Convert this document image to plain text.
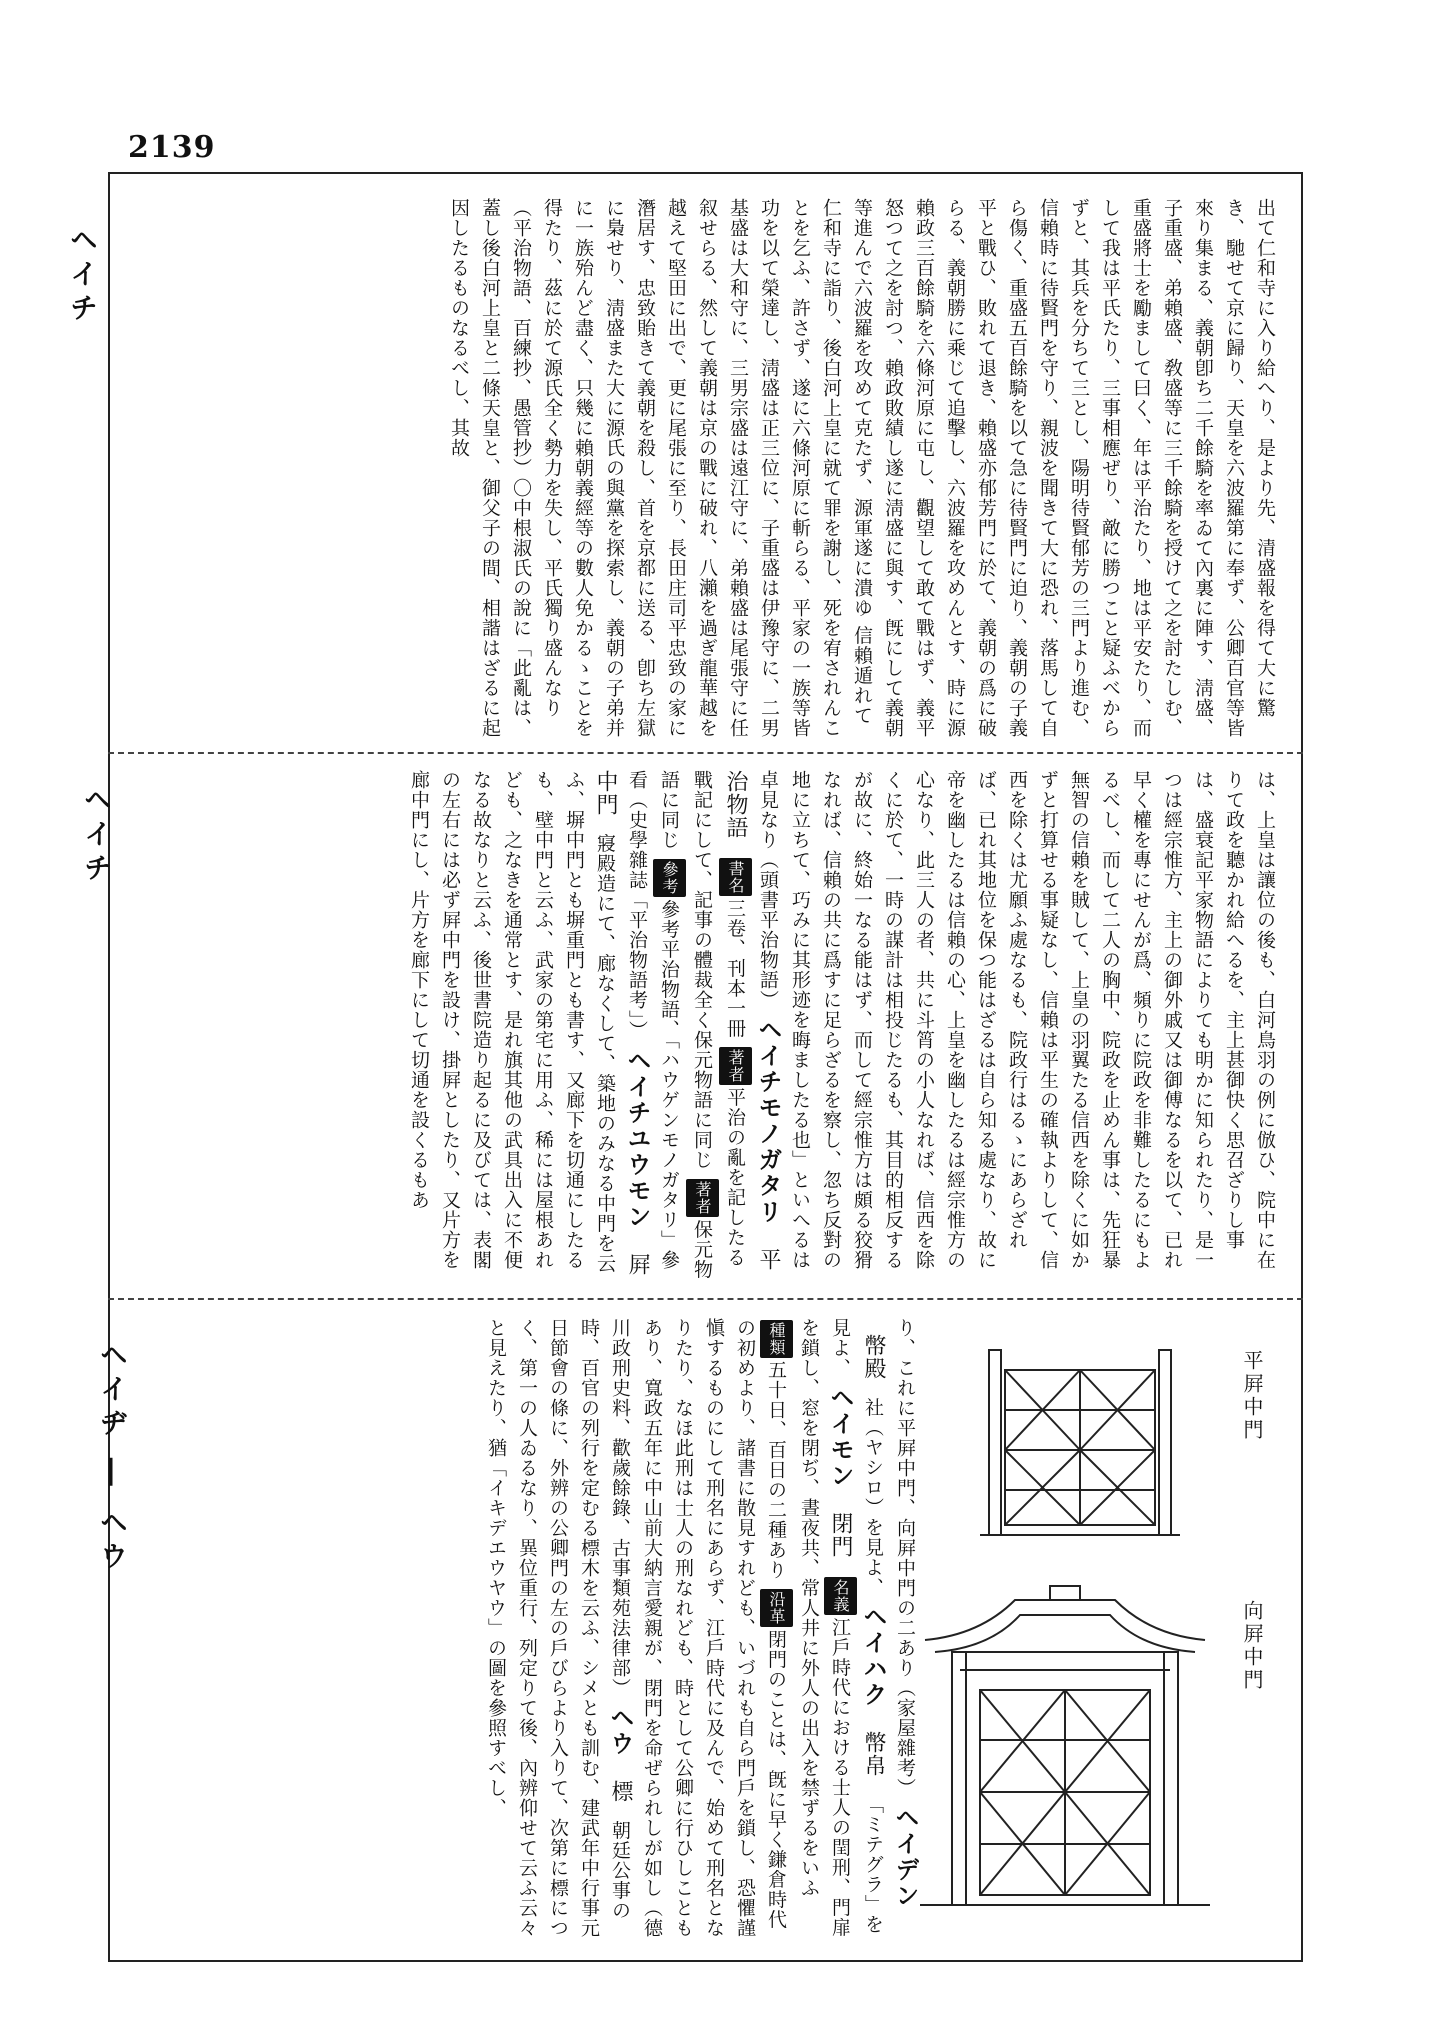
2139
ヘイチ
ヘイチ
ヘイヂ ― ヘウ
出て仁和寺に入り給へり、是より先、清盛報を得て大に驚き、馳せて京に歸り、天皇を六波羅第に奉ず、公卿百官等皆來り集まる、義朝卽ち二千餘騎を率ゐて內裏に陣す、淸盛、子重盛、弟賴盛、敎盛等に三千餘騎を授けて之を討たしむ、重盛將士を勵まして曰く、年は平治たり、地は平安たり、而して我は平氏たり、三事相應ぜり、敵に勝つこと疑ふべからずと、其兵を分ちて三とし、陽明待賢郁芳の三門より進む、信賴時に待賢門を守り、親波を聞きて大に恐れ、落馬して自ら傷く、重盛五百餘騎を以て急に待賢門に迫り、義朝の子義平と戰ひ、敗れて退き、賴盛亦郁芳門に於て、義朝の爲に破らる、義朝勝に乘じて追擊し、六波羅を攻めんとす、時に源賴政三百餘騎を六條河原に屯し、觀望して敢て戰はず、義平怒つて之を討つ、賴政敗績し遂に淸盛に與す、旣にして義朝等進んで六波羅を攻めて克たず、源軍遂に潰ゆ 信賴遁れて仁和寺に詣り、後白河上皇に就て罪を謝し、死を宥されんことを乞ふ、許さず、遂に六條河原に斬らる、平家の一族等皆功を以て榮達し、淸盛は正三位に、子重盛は伊豫守に、二男基盛は大和守に、三男宗盛は遠江守に、弟賴盛は尾張守に任叙せらる、然して義朝は京の戰に破れ、八瀨を過ぎ龍華越を越えて堅田に出で、更に尾張に至り、長田庄司平忠致の家に潛居す、忠致貽きて義朝を殺し、首を京都に送る、卽ち左獄に梟せり、淸盛また大に源氏の與黨を探索し、義朝の子弟并に一族殆んど盡く、只幾に賴朝義經等の數人免かるゝことを得たり、茲に於て源氏全く勢力を失し、平氏獨り盛んなり（平治物語、百練抄、愚管抄）〇中根淑氏の說に「此亂は、蓋し後白河上皇と二條天皇と、御父子の間、相諧はざるに起因したるものなるべし、其故
は、上皇は讓位の後も、白河鳥羽の例に倣ひ、院中に在りて政を聽かれ給へるを、主上甚御快く思召ざりし事は、盛衰記平家物語によりても明かに知られたり、是一つは經宗惟方、主上の御外戚又は御傅なるを以て、已れ早く權を專にせんが爲、頻りに院政を非難したるにもよるべし、而して二人の胸中、院政を止めん事は、先狂暴無智の信賴を賊して、上皇の羽翼たる信西を除くに如かずと打算せる事疑なし、信賴は平生の確執よりして、信西を除くは尤願ふ處なるも、院政行はるゝにあらざれば、已れ其地位を保つ能はざるは自ら知る處なり、故に帝を幽したるは信賴の心、上皇を幽したるは經宗惟方の心なり、此三人の者、共に斗筲の小人なれば、信西を除くに於て、一時の謀計は相投じたるも、其目的相反するが故に、終始一なる能はず、而して經宗惟方は頗る狡猾なれば、信賴の共に爲すに足らざるを察し、忽ち反對の地に立ちて、巧みに其形迹を晦ましたる也」といへるは卓見なり（頭書平治物語） ヘイチモノガタリ 平治物語 書名三卷、刊本一冊 著者平治の亂を記したる戰記にして、記事の體裁全く保元物語に同じ 著者保元物語に同じ 參考參考平治物語、「ハウゲンモノガタリ」參看（史學雜誌「平治物語考」） ヘイチユウモン 屛中門 寢殿造にて、廊なくして、築地のみなる中門を云ふ、塀中門とも塀重門とも書す、又廊下を切通にしたるも、壁中門と云ふ、武家の第宅に用ふ、稀には屋根あれども、之なきを通常とす、是れ旗其他の武具出入に不便なる故なりと云ふ、後世書院造り起るに及びては、表閣の左右には必ず屛中門を設け、掛屛としたり、又片方を廊中門にし、片方を廊下にして切通を設くるもあ
り、これに平屛中門、向屛中門の二あり（家屋雜考） ヘイデン 幣殿 社（ヤシロ）を見よ、 ヘイハク 幣帛 「ミテグラ」を見よ、 ヘイモン 閉門 名義江戶時代における士人の閏刑、門扉を鎖し、窓を閉ぢ、晝夜共、常人井に外人の出入を禁ずるをいふ 種類五十日、百日の二種あり 沿革閉門のことは、旣に早く鎌倉時代の初めより、諸書に散見すれども、いづれも自ら門戶を鎖し、恐懼謹愼するものにして刑名にあらず、江戶時代に及んで、始めて刑名となりたり、なほ此刑は士人の刑なれども、時として公卿に行ひしこともあり、寬政五年に中山前大納言愛親が、閉門を命ぜられしが如し（德川政刑史料、歡歲餘錄、古事類苑法律部） ヘウ 標 朝廷公事の時、百官の列行を定むる標木を云ふ、シメとも訓む、建武年中行事元日節會の條に、外辨の公卿門の左の戶びらより入りて、次第に標につく、第一の人ゐるなり、異位重行、列定りて後、內辨仰せて云ふ云々と見えたり、猶「イキデエウヤウ」の圖を參照すべし、	平屛中門
向屛中門
